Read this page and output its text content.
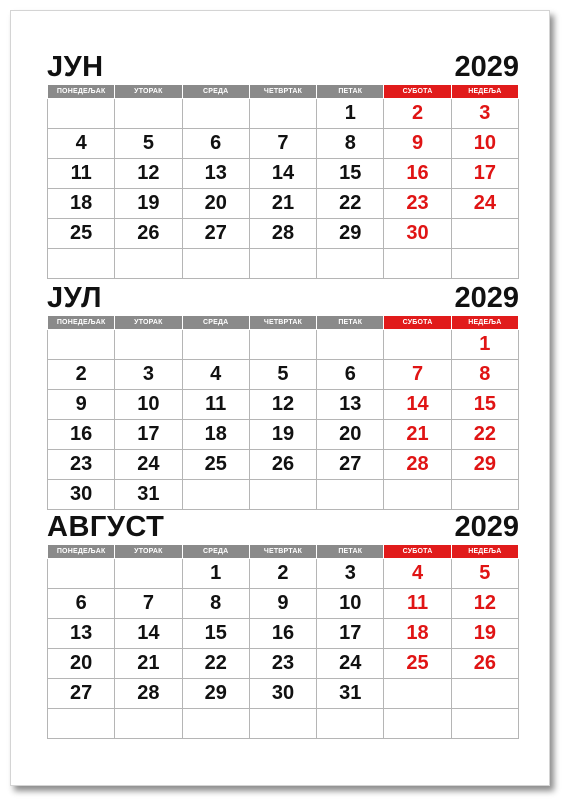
ЈУН	2029
ПОНЕДЕЉАК	УТОРАК	СРЕДА	ЧЕТВРТАК	ПЕТАК	СУБОТА	НЕДЕЉА
				1	2	3
4	5	6	7	8	9	10
11	12	13	14	15	16	17
18	19	20	21	22	23	24
25	26	27	28	29	30	

ЈУЛ	2029
ПОНЕДЕЉАК	УТОРАК	СРЕДА	ЧЕТВРТАК	ПЕТАК	СУБОТА	НЕДЕЉА
						1
2	3	4	5	6	7	8
9	10	11	12	13	14	15
16	17	18	19	20	21	22
23	24	25	26	27	28	29
30	31					
АВГУСТ	2029
ПОНЕДЕЉАК	УТОРАК	СРЕДА	ЧЕТВРТАК	ПЕТАК	СУБОТА	НЕДЕЉА
		1	2	3	4	5
6	7	8	9	10	11	12
13	14	15	16	17	18	19
20	21	22	23	24	25	26
27	28	29	30	31		
